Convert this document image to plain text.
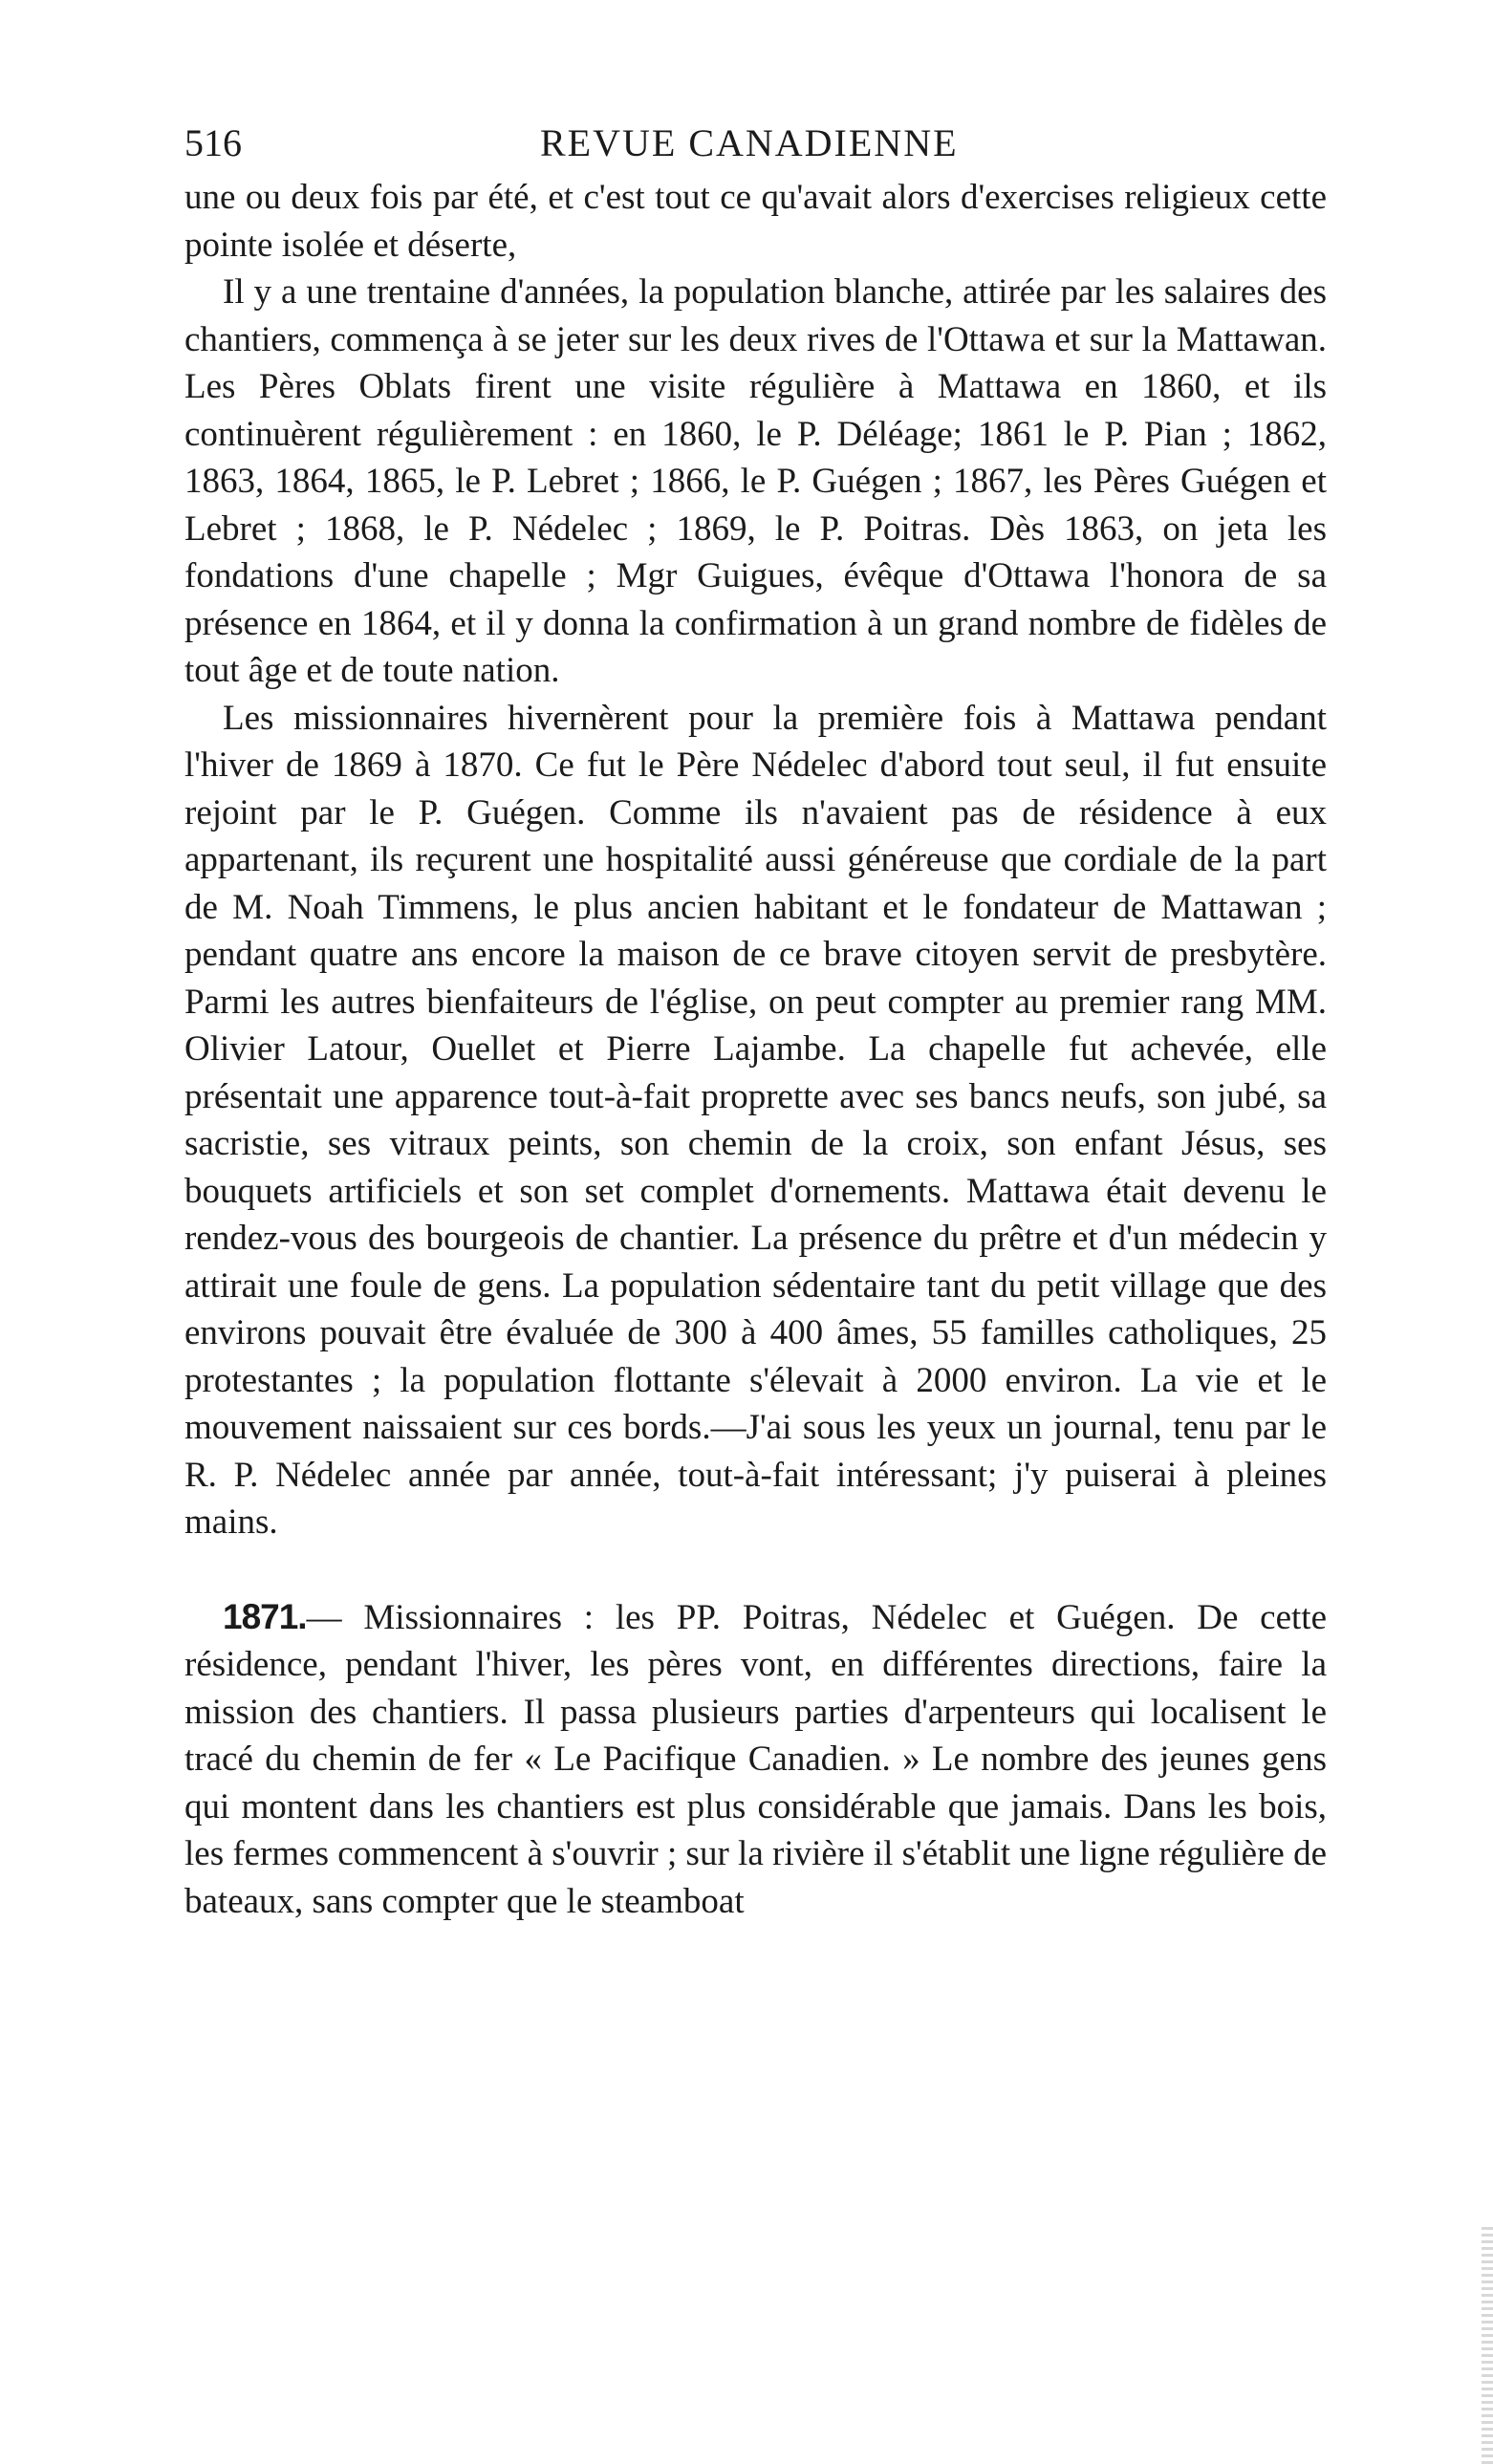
516	REVUE CANADIENNE

une ou deux fois par été, et c'est tout ce qu'avait alors d'exercises religieux cette pointe isolée et déserte,

Il y a une trentaine d'années, la population blanche, attirée par les salaires des chantiers, commença à se jeter sur les deux rives de l'Ottawa et sur la Mattawan. Les Pères Oblats firent une visite régulière à Mattawa en 1860, et ils continuèrent régulièrement : en 1860, le P. Déléage; 1861 le P. Pian ; 1862, 1863, 1864, 1865, le P. Lebret ; 1866, le P. Guégen ; 1867, les Pères Guégen et Lebret ; 1868, le P. Nédelec ; 1869, le P. Poitras. Dès 1863, on jeta les fondations d'une chapelle ; Mgr Guigues, évêque d'Ottawa l'honora de sa présence en 1864, et il y donna la confirmation à un grand nombre de fidèles de tout âge et de toute nation.

Les missionnaires hivernèrent pour la première fois à Mattawa pendant l'hiver de 1869 à 1870. Ce fut le Père Nédelec d'abord tout seul, il fut ensuite rejoint par le P. Guégen. Comme ils n'avaient pas de résidence à eux appartenant, ils reçurent une hospitalité aussi généreuse que cordiale de la part de M. Noah Timmens, le plus ancien habitant et le fondateur de Mattawan ; pendant quatre ans encore la maison de ce brave citoyen servit de presbytère. Parmi les autres bienfaiteurs de l'église, on peut compter au premier rang MM. Olivier Latour, Ouellet et Pierre Lajambe. La chapelle fut achevée, elle présentait une apparence tout-à-fait proprette avec ses bancs neufs, son jubé, sa sacristie, ses vitraux peints, son chemin de la croix, son enfant Jésus, ses bouquets artificiels et son set complet d'ornements. Mattawa était devenu le rendez-vous des bourgeois de chantier. La présence du prêtre et d'un médecin y attirait une foule de gens. La population sédentaire tant du petit village que des environs pouvait être évaluée de 300 à 400 âmes, 55 familles catholiques, 25 protestantes ; la population flottante s'élevait à 2000 environ. La vie et le mouvement naissaient sur ces bords.—J'ai sous les yeux un journal, tenu par le R. P. Nédelec année par année, tout-à-fait intéressant; j'y puiserai à pleines mains.

1871.— Missionnaires : les PP. Poitras, Nédelec et Guégen. De cette résidence, pendant l'hiver, les pères vont, en différentes directions, faire la mission des chantiers. Il passa plusieurs parties d'arpenteurs qui localisent le tracé du chemin de fer « Le Pacifique Canadien. » Le nombre des jeunes gens qui montent dans les chantiers est plus considérable que jamais. Dans les bois, les fermes commencent à s'ouvrir ; sur la rivière il s'établit une ligne régulière de bateaux, sans compter que le steamboat
